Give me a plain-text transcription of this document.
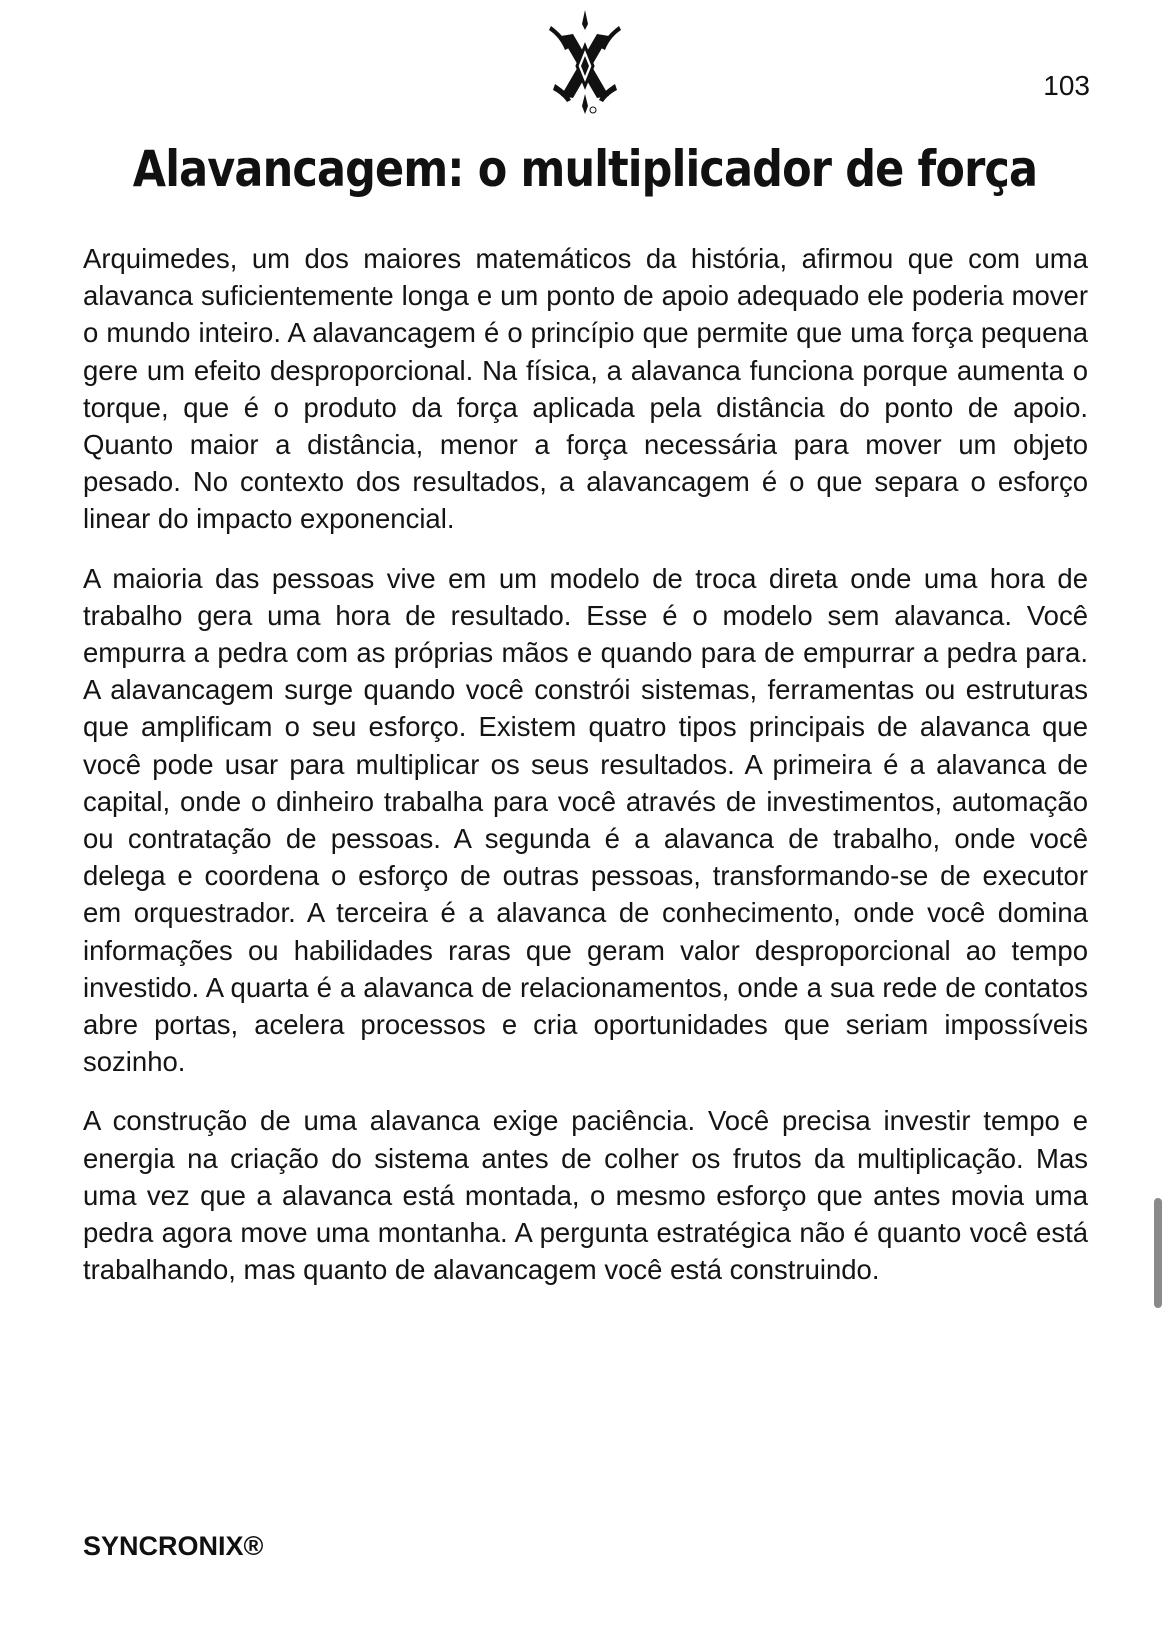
103
Alavancagem: o multiplicador de força

Arquimedes, um dos maiores matemáticos da história, afirmou que com uma alavanca suficientemente longa e um ponto de apoio adequado ele poderia mover o mundo inteiro. A alavancagem é o princípio que permite que uma força pequena gere um efeito desproporcional. Na física, a alavanca funciona porque aumenta o torque, que é o produto da força aplicada pela distância do ponto de apoio. Quanto maior a distância, menor a força necessária para mover um objeto pesado. No contexto dos resultados, a alavancagem é o que separa o esforço linear do impacto exponencial.

A maioria das pessoas vive em um modelo de troca direta onde uma hora de trabalho gera uma hora de resultado. Esse é o modelo sem alavanca. Você empurra a pedra com as próprias mãos e quando para de empurrar a pedra para. A alavancagem surge quando você constrói sistemas, ferramentas ou estruturas que amplificam o seu esforço. Existem quatro tipos principais de alavanca que você pode usar para multiplicar os seus resultados. A primeira é a alavanca de capital, onde o dinheiro trabalha para você através de investimentos, automação ou contratação de pessoas. A segunda é a alavanca de trabalho, onde você delega e coordena o esforço de outras pessoas, transformando-se de executor em orquestrador. A terceira é a alavanca de conhecimento, onde você domina informações ou habilidades raras que geram valor desproporcional ao tempo investido. A quarta é a alavanca de relacionamentos, onde a sua rede de contatos abre portas, acelera processos e cria oportunidades que seriam impossíveis sozinho.

A construção de uma alavanca exige paciência. Você precisa investir tempo e energia na criação do sistema antes de colher os frutos da multiplicação. Mas uma vez que a alavanca está montada, o mesmo esforço que antes movia uma pedra agora move uma montanha. A pergunta estratégica não é quanto você está trabalhando, mas quanto de alavancagem você está construindo.

SYNCRONIX®
